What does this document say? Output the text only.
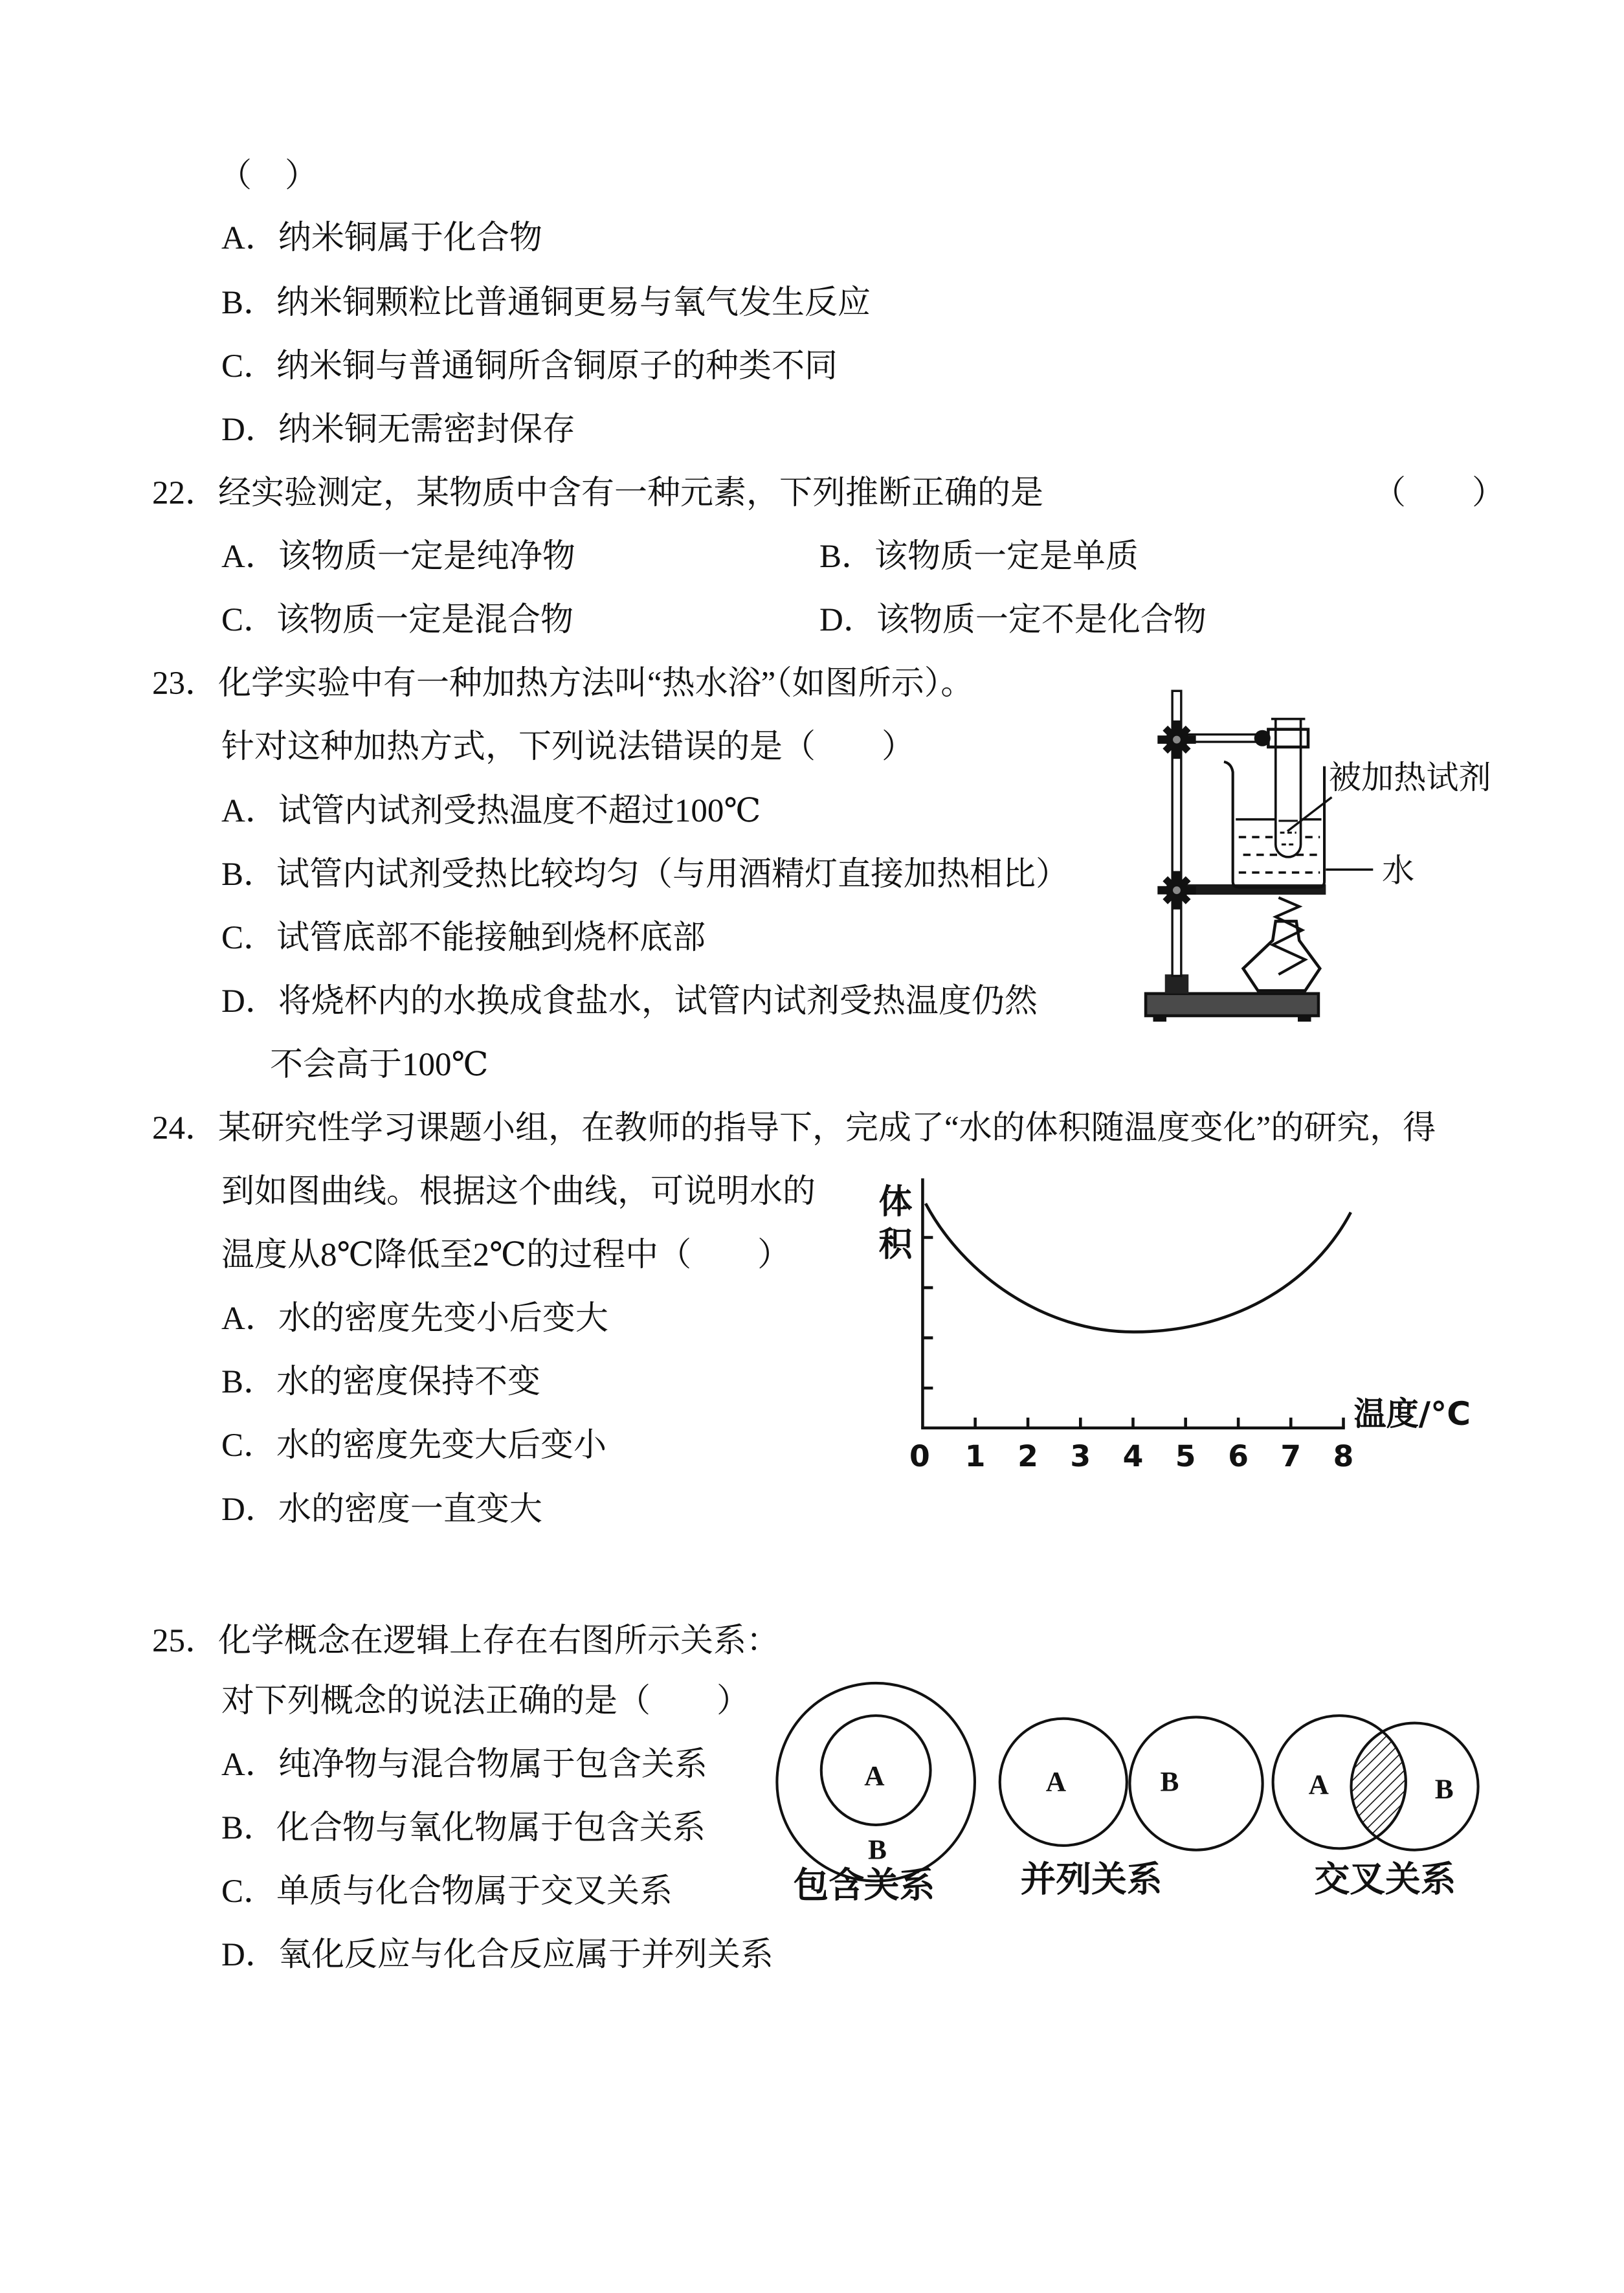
（　）
A．纳米铜属于化合物
B．纳米铜颗粒比普通铜更易与氧气发生反应
C．纳米铜与普通铜所含铜原子的种类不同
D．纳米铜无需密封保存
22．经实验测定，某物质中含有一种元素，下列推断正确的是	（　　）
A．该物质一定是纯净物	B．该物质一定是单质
C．该物质一定是混合物	D．该物质一定不是化合物
23．化学实验中有一种加热方法叫“热水浴”（如图所示）。
针对这种加热方式，下列说法错误的是（　　）
A．试管内试剂受热温度不超过100℃
B．试管内试剂受热比较均匀（与用酒精灯直接加热相比）
C．试管底部不能接触到烧杯底部
D．将烧杯内的水换成食盐水，试管内试剂受热温度仍然
不会高于100℃
被加热试剂
水
24．某研究性学习课题小组，在教师的指导下，完成了“水的体积随温度变化”的研究，得
到如图曲线。根据这个曲线，可说明水的
温度从8℃降低至2℃的过程中（　　）
A．水的密度先变小后变大
B．水的密度保持不变
C．水的密度先变大后变小
D．水的密度一直变大
0	1 2 3 4 5 6 7 8
温度/°C
体积
25．化学概念在逻辑上存在右图所示关系：
对下列概念的说法正确的是（　　）
A．纯净物与混合物属于包含关系
B．化合物与氧化物属于包含关系
C．单质与化合物属于交叉关系
D．氧化反应与化合反应属于并列关系
A
B
包含关系
A	B
并列关系
A	B
交叉关系
